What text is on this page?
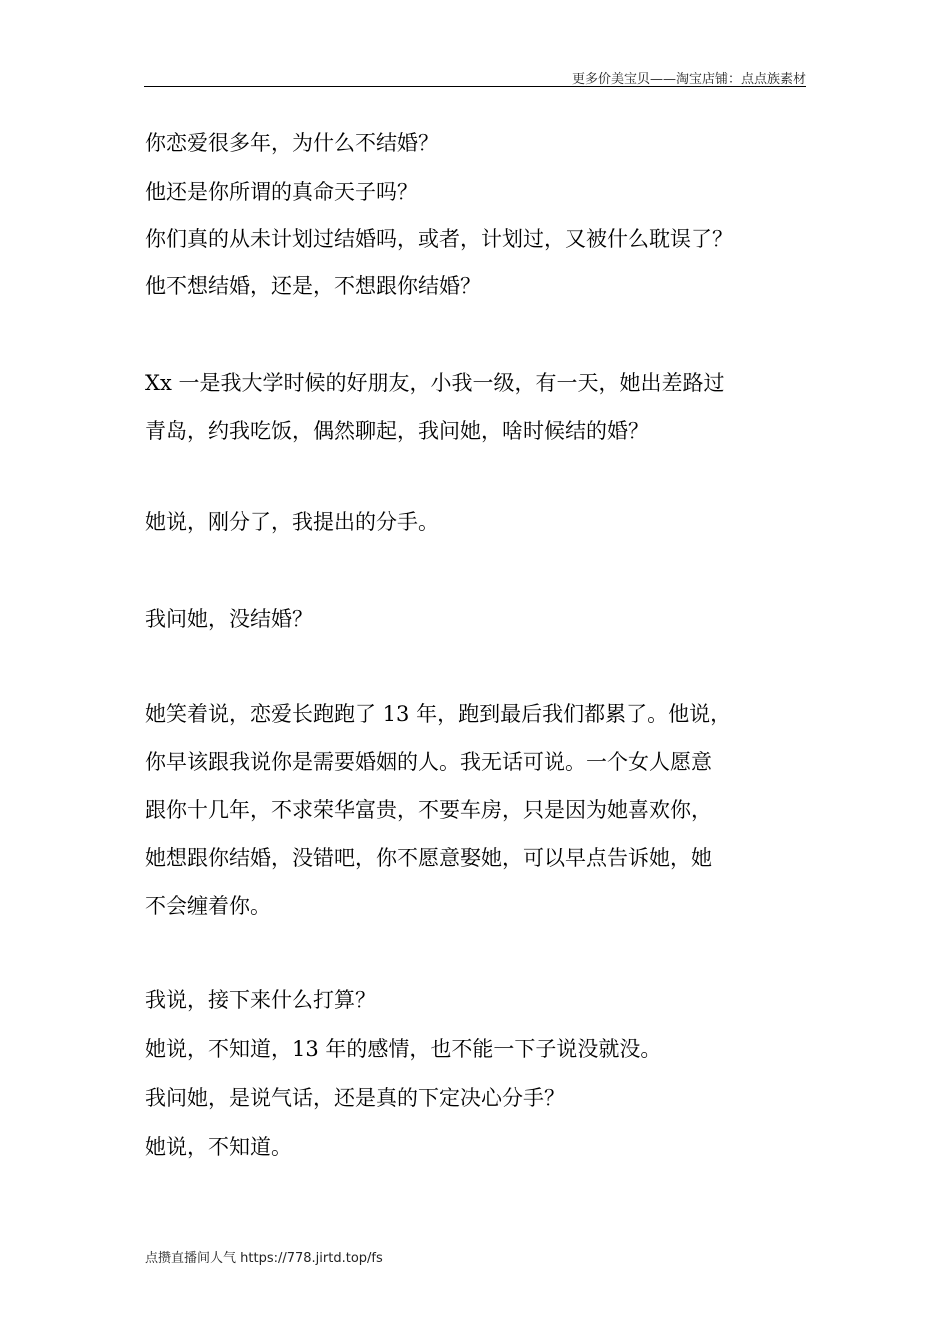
更多价美宝贝——淘宝店铺：点点族素材
你恋爱很多年，为什么不结婚？
他还是你所谓的真命天子吗？
你们真的从未计划过结婚吗，或者，计划过，又被什么耽误了？
他不想结婚，还是，不想跟你结婚？
Xx 一是我大学时候的好朋友，小我一级，有一天，她出差路过
青岛，约我吃饭，偶然聊起，我问她，啥时候结的婚？
她说，刚分了，我提出的分手。
我问她，没结婚？
她笑着说，恋爱长跑跑了 13 年，跑到最后我们都累了。他说，
你早该跟我说你是需要婚姻的人。我无话可说。一个女人愿意
跟你十几年，不求荣华富贵，不要车房，只是因为她喜欢你，
她想跟你结婚，没错吧，你不愿意娶她，可以早点告诉她，她
不会缠着你。
我说，接下来什么打算？
她说，不知道，13 年的感情，也不能一下子说没就没。
我问她，是说气话，还是真的下定决心分手？
她说，不知道。
点攒直播间人气 https://778.jirtd.top/fs
